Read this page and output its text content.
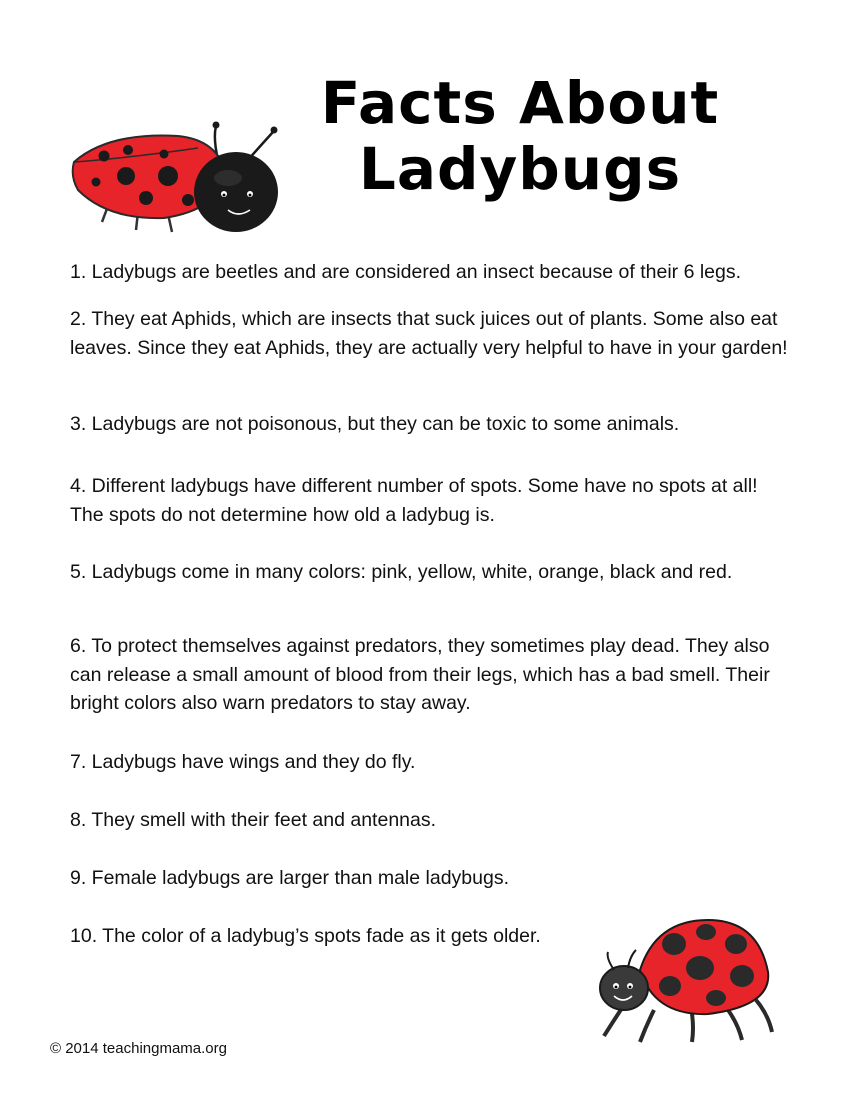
Facts About
Ladybugs

1. Ladybugs are beetles and are considered an insect because of their 6 legs.

2. They eat Aphids, which are insects that suck juices out of plants. Some also eat leaves. Since they eat Aphids, they are actually very helpful to have in your garden!

3. Ladybugs are not poisonous, but they can be toxic to some animals.

4. Different ladybugs have different number of spots. Some have no spots at all! The spots do not determine how old a ladybug is.

5. Ladybugs come in many colors: pink, yellow, white, orange, black and red.

6. To protect themselves against predators, they sometimes play dead. They also can release a small amount of blood from their legs, which has a bad smell. Their bright colors also warn predators to stay away.

7. Ladybugs have wings and they do fly.

8. They smell with their feet and antennas.

9. Female ladybugs are larger than male ladybugs.

10. The color of a ladybug’s spots fade as it gets older.

© 2014 teachingmama.org
